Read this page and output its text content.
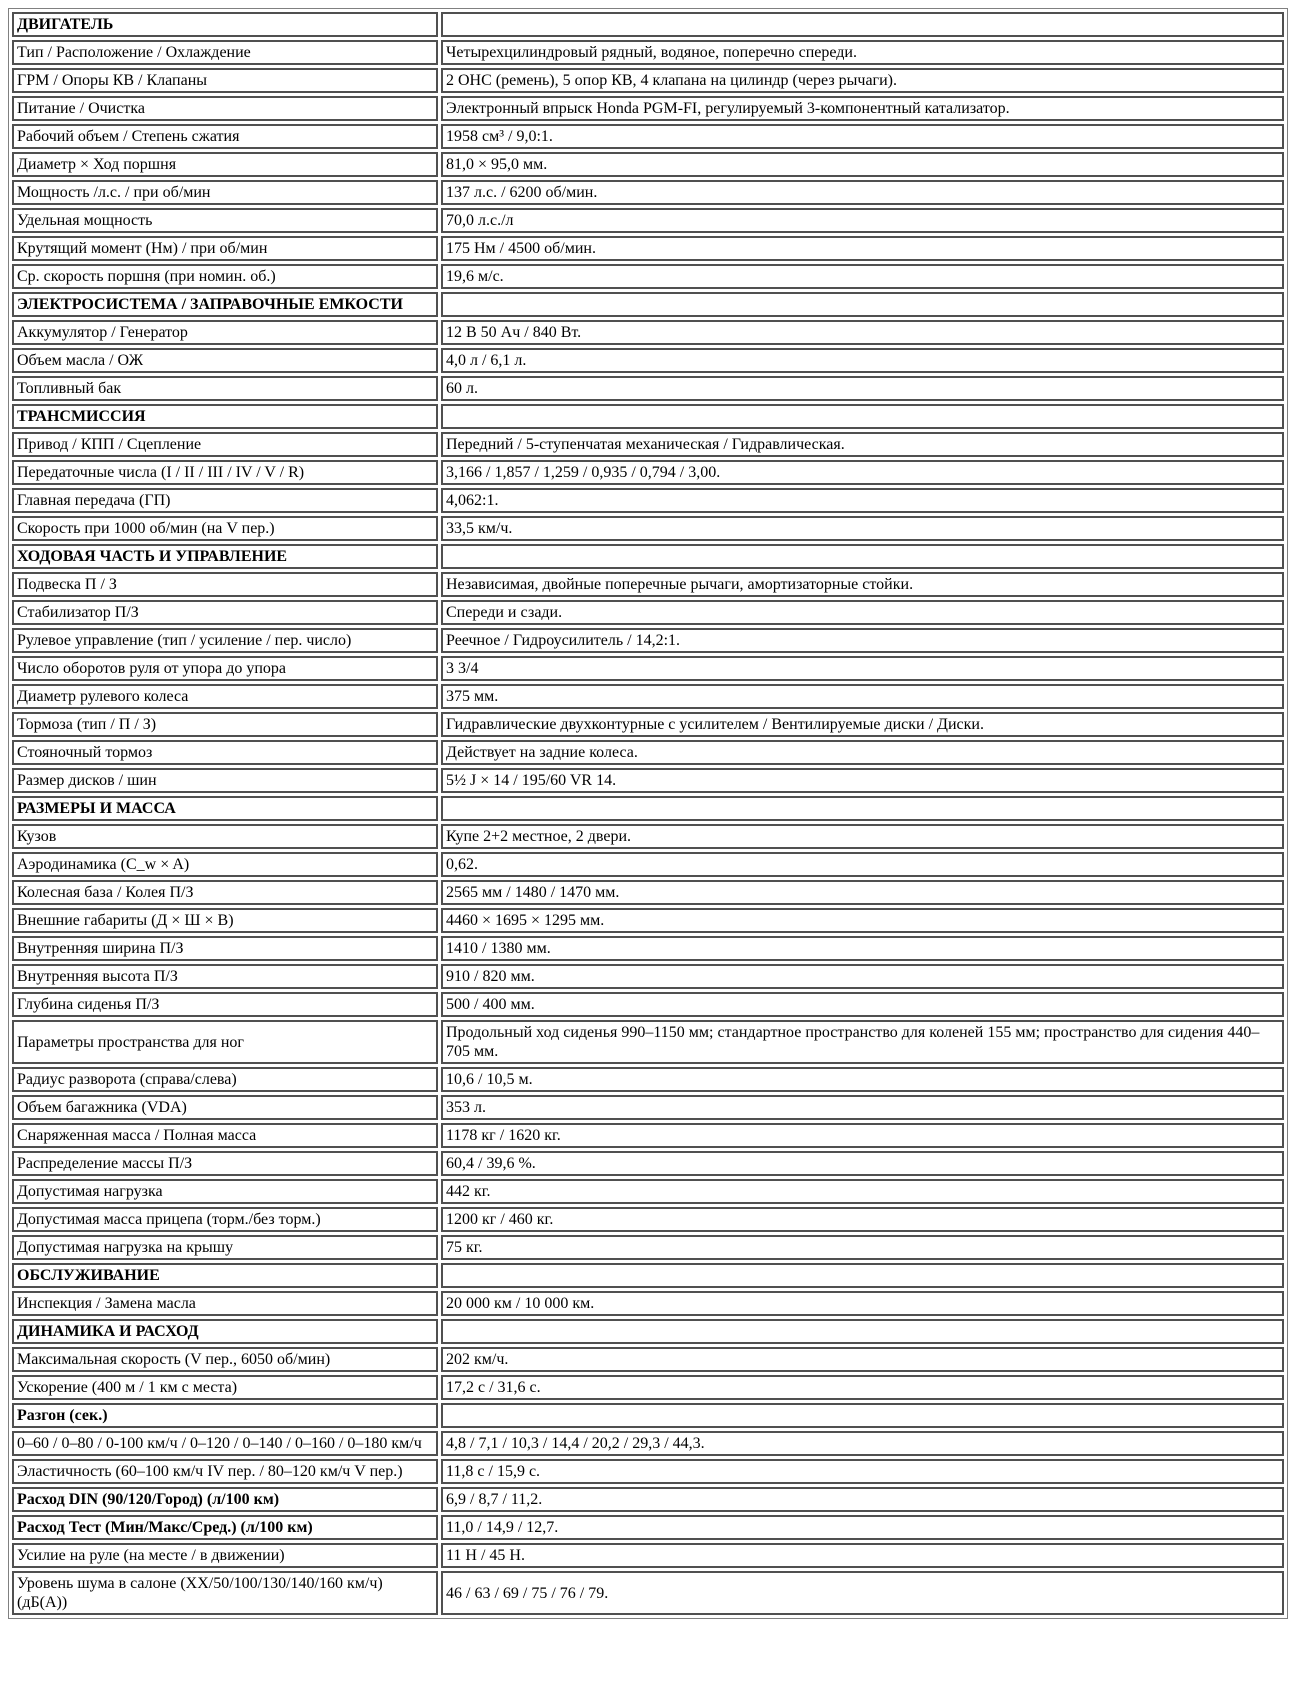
ДВИГАТЕЛЬ	
Тип / Расположение / Охлаждение	Четырехцилиндровый рядный, водяное, поперечно спереди.
ГРМ / Опоры КВ / Клапаны	2 OHC (ремень), 5 опор КВ, 4 клапана на цилиндр (через рычаги).
Питание / Очистка	Электронный впрыск Honda PGM-FI, регулируемый 3-компонентный катализатор.
Рабочий объем / Степень сжатия	1958 см³ / 9,0:1.
Диаметр × Ход поршня	81,0 × 95,0 мм.
Мощность /л.с. / при об/мин	137 л.с. / 6200 об/мин.
Удельная мощность	70,0 л.с./л
Крутящий момент (Нм) / при об/мин	175 Нм / 4500 об/мин.
Ср. скорость поршня (при номин. об.)	19,6 м/с.
ЭЛЕКТРОСИСТЕМА / ЗАПРАВОЧНЫЕ ЕМКОСТИ	
Аккумулятор / Генератор	12 В 50 Ач / 840 Вт.
Объем масла / ОЖ	4,0 л / 6,1 л.
Топливный бак	60 л.
ТРАНСМИССИЯ	
Привод / КПП / Сцепление	Передний / 5-ступенчатая механическая / Гидравлическая.
Передаточные числа (I / II / III / IV / V / R)	3,166 / 1,857 / 1,259 / 0,935 / 0,794 / 3,00.
Главная передача (ГП)	4,062:1.
Скорость при 1000 об/мин (на V пер.)	33,5 км/ч.
ХОДОВАЯ ЧАСТЬ И УПРАВЛЕНИЕ	
Подвеска П / З	Независимая, двойные поперечные рычаги, амортизаторные стойки.
Стабилизатор П/З	Спереди и сзади.
Рулевое управление (тип / усиление / пер. число)	Реечное / Гидроусилитель / 14,2:1.
Число оборотов руля от упора до упора	3 3/4
Диаметр рулевого колеса	375 мм.
Тормоза (тип / П / З)	Гидравлические двухконтурные с усилителем / Вентилируемые диски / Диски.
Стояночный тормоз	Действует на задние колеса.
Размер дисков / шин	5½ J × 14 / 195/60 VR 14.
РАЗМЕРЫ И МАССА	
Кузов	Купе 2+2 местное, 2 двери.
Аэродинамика (C_w × A)	0,62.
Колесная база / Колея П/З	2565 мм / 1480 / 1470 мм.
Внешние габариты (Д × Ш × В)	4460 × 1695 × 1295 мм.
Внутренняя ширина П/З	1410 / 1380 мм.
Внутренняя высота П/З	910 / 820 мм.
Глубина сиденья П/З	500 / 400 мм.
Параметры пространства для ног	Продольный ход сиденья 990–1150 мм; стандартное пространство для коленей 155 мм; пространство для сидения 440–705 мм.
Радиус разворота (справа/слева)	10,6 / 10,5 м.
Объем багажника (VDA)	353 л.
Снаряженная масса / Полная масса	1178 кг / 1620 кг.
Распределение массы П/З	60,4 / 39,6 %.
Допустимая нагрузка	442 кг.
Допустимая масса прицепа (торм./без торм.)	1200 кг / 460 кг.
Допустимая нагрузка на крышу	75 кг.
ОБСЛУЖИВАНИЕ	
Инспекция / Замена масла	20 000 км / 10 000 км.
ДИНАМИКА И РАСХОД	
Максимальная скорость (V пер., 6050 об/мин)	202 км/ч.
Ускорение (400 м / 1 км с места)	17,2 с / 31,6 с.
Разгон (сек.)	
0–60 / 0–80 / 0-100 км/ч / 0–120 / 0–140 / 0–160 / 0–180 км/ч	4,8 / 7,1 / 10,3 / 14,4 / 20,2 / 29,3 / 44,3.
Эластичность (60–100 км/ч IV пер. / 80–120 км/ч V пер.)	11,8 с / 15,9 с.
Расход DIN (90/120/Город) (л/100 км)	6,9 / 8,7 / 11,2.
Расход Тест (Мин/Макс/Сред.) (л/100 км)	11,0 / 14,9 / 12,7.
Усилие на руле (на месте / в движении)	11 Н / 45 Н.
Уровень шума в салоне (XX/50/100/130/140/160 км/ч) (дБ(A))	46 / 63 / 69 / 75 / 76 / 79.
